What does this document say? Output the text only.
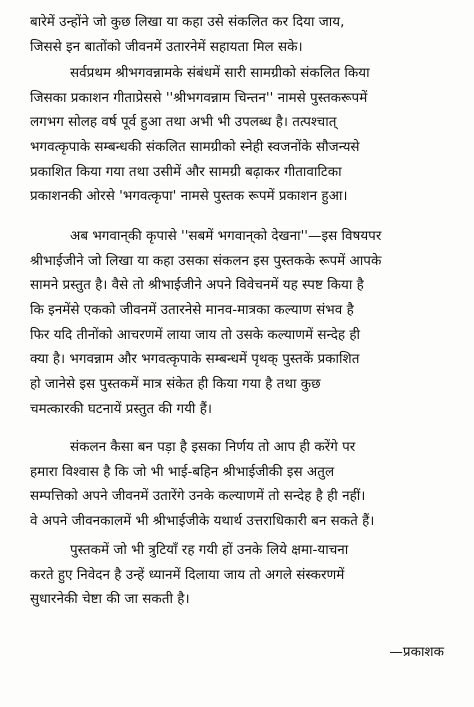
बारेमें उन्होंने जो कुछ लिखा या कहा उसे संकलित कर दिया जाय,
जिससे इन बातोंको जीवनमें उतारनेमें सहायता मिल सके।
सर्वप्रथम श्रीभगवन्नामके संबंधमें सारी सामग्रीको संकलित किया
जिसका प्रकाशन गीताप्रेससे ''श्रीभगवन्नाम चिन्तन'' नामसे पुस्तकरूपमें
लगभग सोलह वर्ष पूर्व हुआ तथा अभी भी उपलब्ध है। तत्पश्चात्
भगवत्कृपाके सम्बन्धकी संकलित सामग्रीको स्नेही स्वजनोंके सौजन्यसे
प्रकाशित किया गया तथा उसीमें और सामग्री बढ़ाकर गीतावाटिका
प्रकाशनकी ओरसे 'भगवत्कृपा' नामसे पुस्तक रूपमें प्रकाशन हुआ।
अब भगवान्‌की कृपासे ''सबमें भगवान्‌को देखना''—इस विषयपर
श्रीभाईजीने जो लिखा या कहा उसका संकलन इस पुस्तकके रूपमें आपके
सामने प्रस्तुत है। वैसे तो श्रीभाईजीने अपने विवेचनमें यह स्पष्ट किया है
कि इनमेंसे एकको जीवनमें उतारनेसे मानव-मात्रका कल्याण संभव है
फिर यदि तीनोंको आचरणमें लाया जाय तो उसके कल्याणमें सन्देह ही
क्या है। भगवन्नाम और भगवत्कृपाके सम्बन्धमें पृथक् पुस्तकें प्रकाशित
हो जानेसे इस पुस्तकमें मात्र संकेत ही किया गया है तथा कुछ
चमत्कारकी घटनायें प्रस्तुत की गयी हैं।
संकलन कैसा बन पड़ा है इसका निर्णय तो आप ही करेंगे पर
हमारा विश्वास है कि जो भी भाई-बहिन श्रीभाईजीकी इस अतुल
सम्पत्तिको अपने जीवनमें उतारेंगे उनके कल्याणमें तो सन्देह है ही नहीं।
वे अपने जीवनकालमें भी श्रीभाईजीके यथार्थ उत्तराधिकारी बन सकते हैं।
पुस्तकमें जो भी त्रुटियाँ रह गयी हों उनके लिये क्षमा-याचना
करते हुए निवेदन है उन्हें ध्यानमें दिलाया जाय तो अगले संस्करणमें
सुधारनेकी चेष्टा की जा सकती है।
—प्रकाशक
